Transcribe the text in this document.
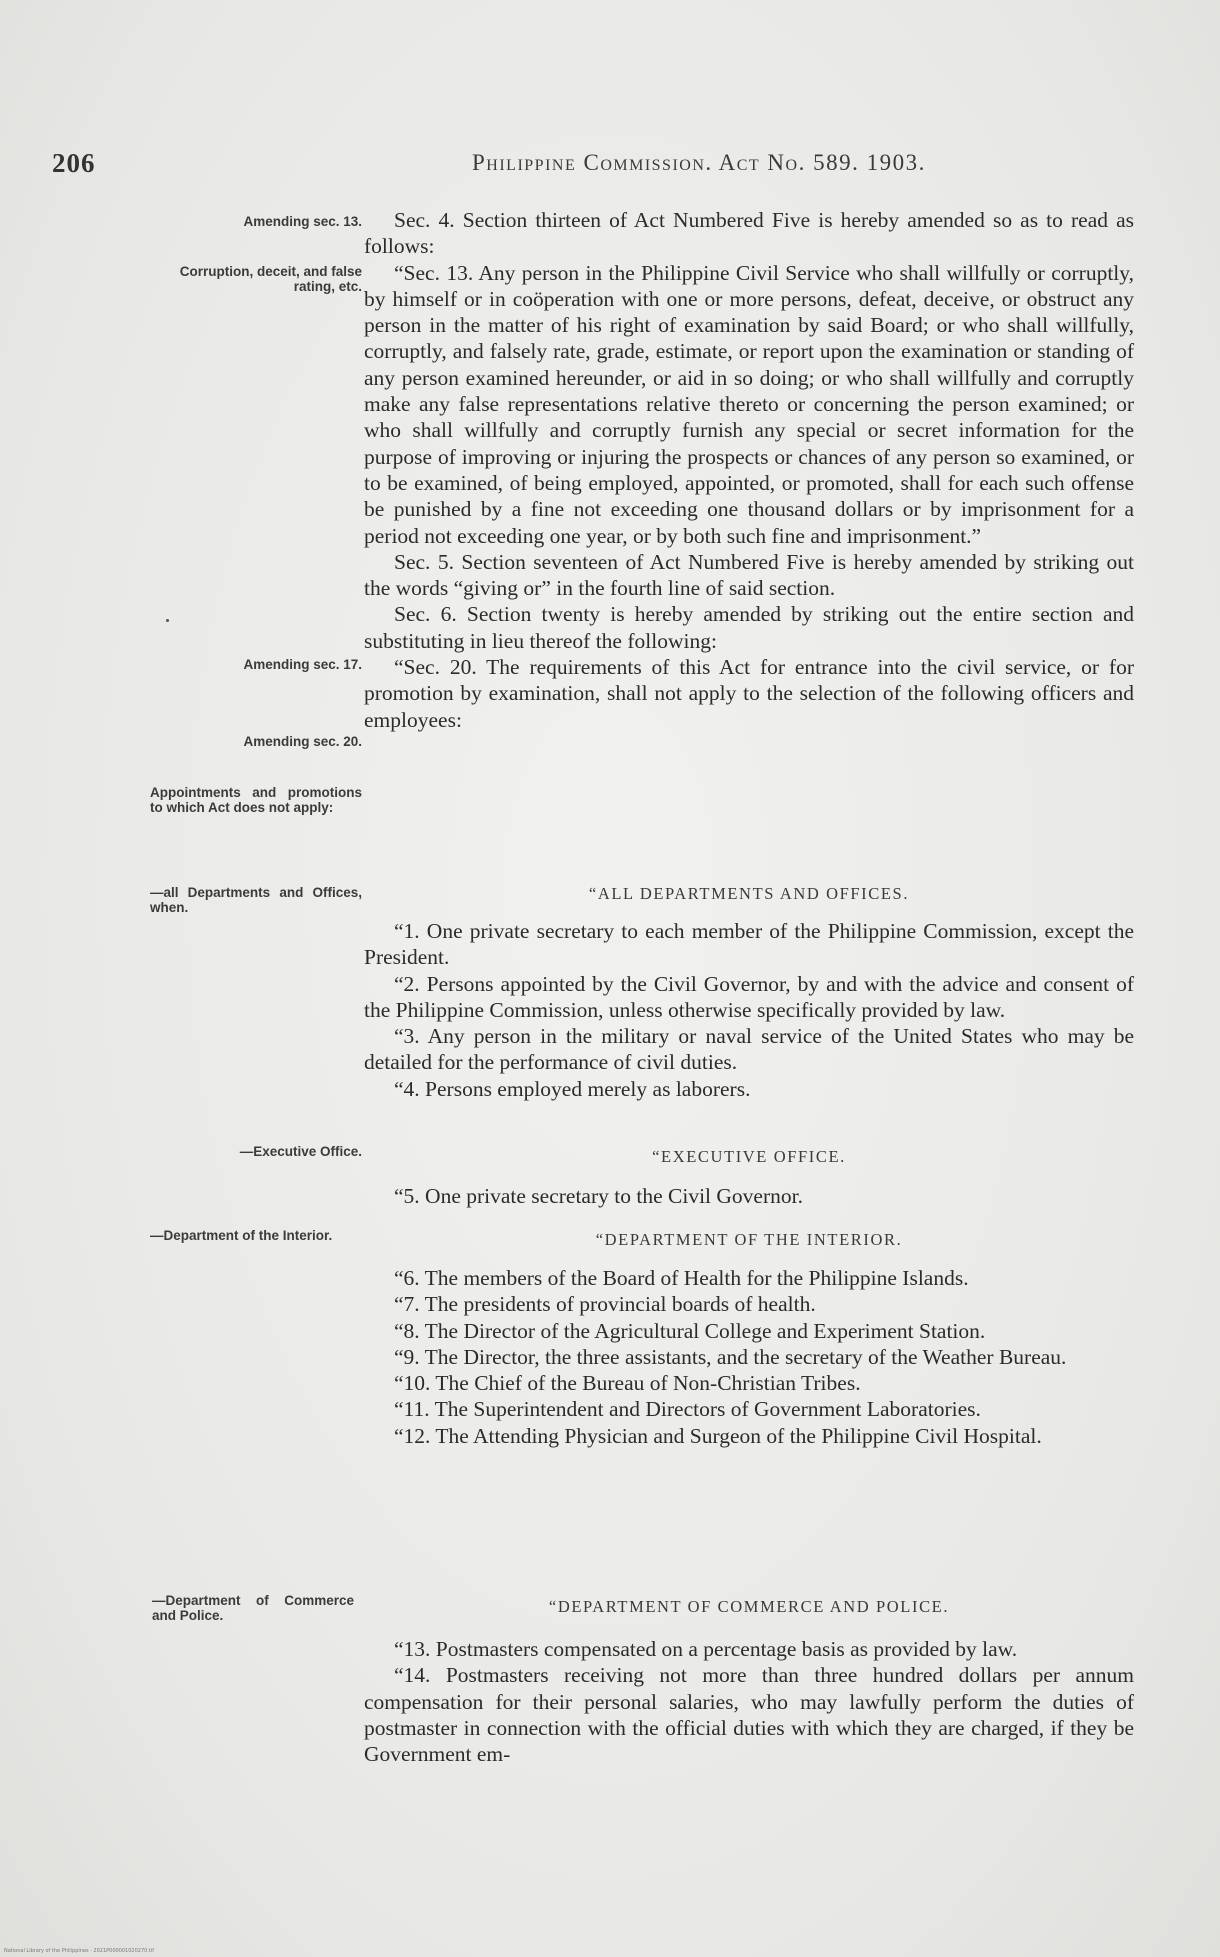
206	Philippine Commission. Act No. 589. 1903.
Amending sec. 13.
Corruption, deceit, and false rating, etc.
Amending sec. 17.
Amending sec. 20.
Appointments and promotions to which Act does not apply:
—all Departments and Offices, when.
—Executive Office.
—Department of the Interior.
—Department of Commerce and Police.

Sec. 4. Section thirteen of Act Numbered Five is hereby amended so as to read as follows:

“Sec. 13. Any person in the Philippine Civil Service who shall willfully or corruptly, by himself or in coöperation with one or more persons, defeat, deceive, or obstruct any person in the matter of his right of examination by said Board; or who shall willfully, corruptly, and falsely rate, grade, estimate, or report upon the examination or standing of any person examined hereunder, or aid in so doing; or who shall willfully and corruptly make any false representations relative thereto or concerning the person examined; or who shall willfully and corruptly furnish any special or secret information for the purpose of improving or injuring the prospects or chances of any person so examined, or to be examined, of being employed, appointed, or promoted, shall for each such offense be punished by a fine not exceeding one thousand dollars or by imprisonment for a period not exceeding one year, or by both such fine and imprisonment.”

Sec. 5. Section seventeen of Act Numbered Five is hereby amended by striking out the words “giving or” in the fourth line of said section.

Sec. 6. Section twenty is hereby amended by striking out the entire section and substituting in lieu thereof the following:

“Sec. 20. The requirements of this Act for entrance into the civil service, or for promotion by examination, shall not apply to the selection of the following officers and employees:

“ALL DEPARTMENTS AND OFFICES.

“1. One private secretary to each member of the Philippine Commission, except the President.

“2. Persons appointed by the Civil Governor, by and with the advice and consent of the Philippine Commission, unless otherwise specifically provided by law.

“3. Any person in the military or naval service of the United States who may be detailed for the performance of civil duties.

“4. Persons employed merely as laborers.

“EXECUTIVE OFFICE.

“5. One private secretary to the Civil Governor.

“DEPARTMENT OF THE INTERIOR.

“6. The members of the Board of Health for the Philippine Islands.

“7. The presidents of provincial boards of health.

“8. The Director of the Agricultural College and Experiment Station.

“9. The Director, the three assistants, and the secretary of the Weather Bureau.

“10. The Chief of the Bureau of Non-Christian Tribes.

“11. The Superintendent and Directors of Government Laboratories.

“12. The Attending Physician and Surgeon of the Philippine Civil Hospital.

“DEPARTMENT OF COMMERCE AND POLICE.

“13. Postmasters compensated on a percentage basis as provided by law.

“14. Postmasters receiving not more than three hundred dollars per annum compensation for their personal salaries, who may lawfully perform the duties of postmaster in connection with the official duties with which they are charged, if they be Government em-

National Library of the Philippines · 2021P000001020270.tif
